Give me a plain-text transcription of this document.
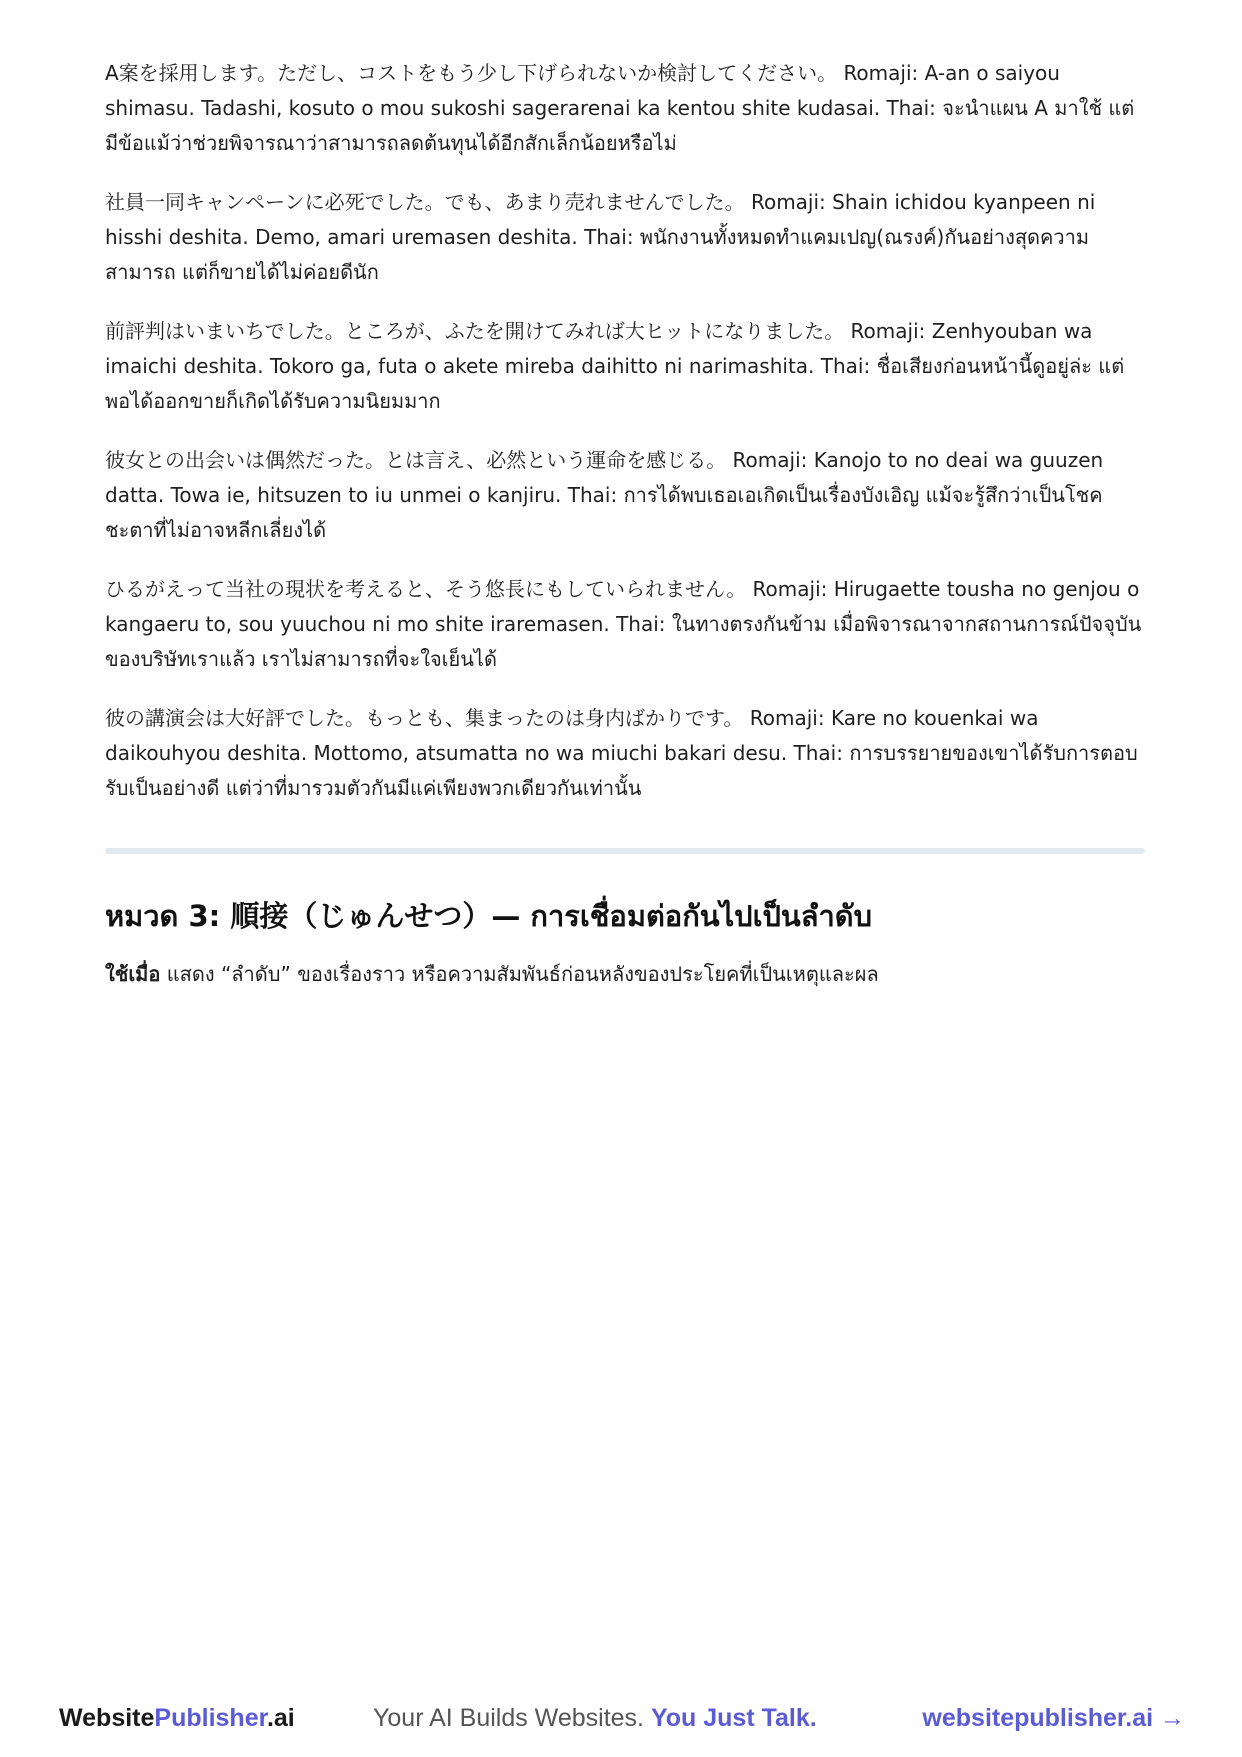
A案を採用します。ただし、コストをもう少し下げられないか検討してください。 Romaji: A-an o saiyou shimasu. Tadashi, kosuto o mou sukoshi sagerarenai ka kentou shite kudasai. Thai: จะนำแผน A มาใช้ แต่มีข้อแม้ว่าช่วยพิจารณาว่าสามารถลดต้นทุนได้อีกสักเล็กน้อยหรือไม่

社員一同キャンペーンに必死でした。でも、あまり売れませんでした。 Romaji: Shain ichidou kyanpeen ni hisshi deshita. Demo, amari uremasen deshita. Thai: พนักงานทั้งหมดทำแคมเปญ(ณรงค์)กันอย่างสุดความสามารถ แต่ก็ขายได้ไม่ค่อยดีนัก

前評判はいまいちでした。ところが、ふたを開けてみれば大ヒットになりました。 Romaji: Zenhyouban wa imaichi deshita. Tokoro ga, futa o akete mireba daihitto ni narimashita. Thai: ชื่อเสียงก่อนหน้านี้ดูอยู่ล่ะ แต่พอได้ออกขายก็เกิดได้รับความนิยมมาก

彼女との出会いは偶然だった。とは言え、必然という運命を感じる。 Romaji: Kanojo to no deai wa guuzen datta. Towa ie, hitsuzen to iu unmei o kanjiru. Thai: การได้พบเธอเอเกิดเป็นเรื่องบังเอิญ แม้จะรู้สึกว่าเป็นโชคชะตาที่ไม่อาจหลีกเลี่ยงได้

ひるがえって当社の現状を考えると、そう悠長にもしていられません。 Romaji: Hirugaette tousha no genjou o kangaeru to, sou yuuchou ni mo shite iraremasen. Thai: ในทางตรงกันข้าม เมื่อพิจารณาจากสถานการณ์ปัจจุบันของบริษัทเราแล้ว เราไม่สามารถที่จะใจเย็นได้

彼の講演会は大好評でした。もっとも、集まったのは身内ばかりです。 Romaji: Kare no kouenkai wa daikouhyou deshita. Mottomo, atsumatta no wa miuchi bakari desu. Thai: การบรรยายของเขาได้รับการตอบรับเป็นอย่างดี แต่ว่าที่มารวมตัวกันมีแค่เพียงพวกเดียวกันเท่านั้น

หมวด 3: 順接（じゅんせつ）— การเชื่อมต่อกันไปเป็นลำดับ

ใช้เมื่อ แสดง “ลำดับ” ของเรื่องราว หรือความสัมพันธ์ก่อนหลังของประโยคที่เป็นเหตุและผล

WebsitePublisher.ai	Your AI Builds Websites. You Just Talk.	websitepublisher.ai →
